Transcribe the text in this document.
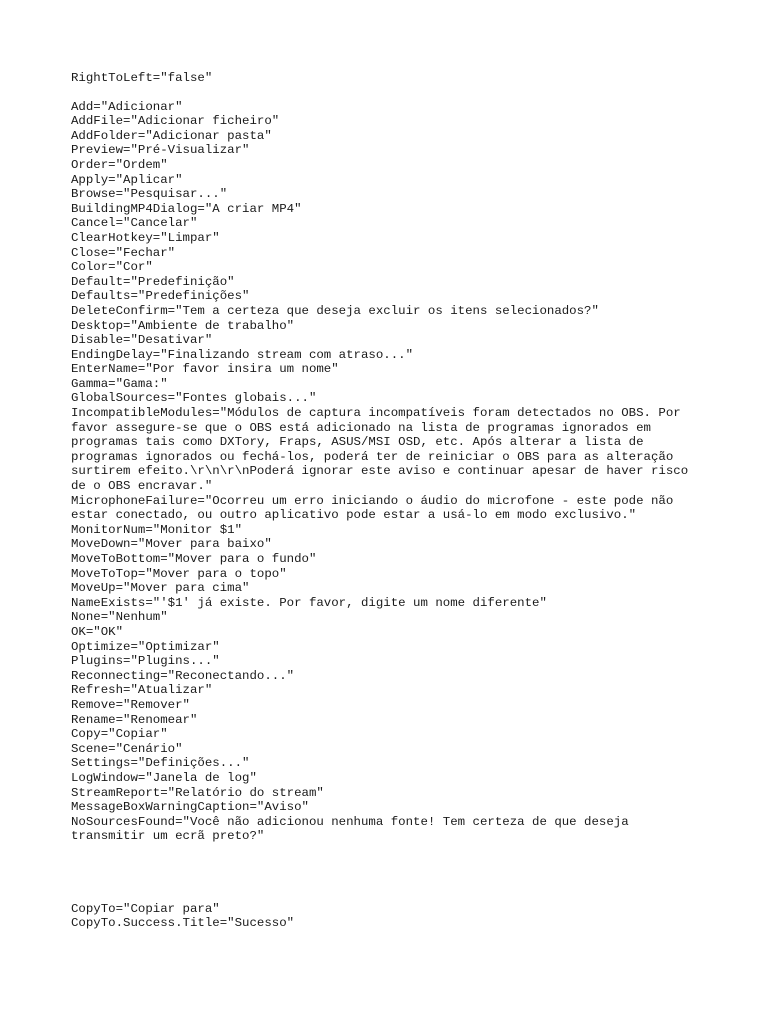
RightToLeft="false"
Add="Adicionar"
AddFile="Adicionar ficheiro"
AddFolder="Adicionar pasta"
Preview="Pré-Visualizar"
Order="Ordem"
Apply="Aplicar"
Browse="Pesquisar..."
BuildingMP4Dialog="A criar MP4"
Cancel="Cancelar"
ClearHotkey="Limpar"
Close="Fechar"
Color="Cor"
Default="Predefinição"
Defaults="Predefinições"
DeleteConfirm="Tem a certeza que deseja excluir os itens selecionados?"
Desktop="Ambiente de trabalho"
Disable="Desativar"
EndingDelay="Finalizando stream com atraso..."
EnterName="Por favor insira um nome"
Gamma="Gama:"
GlobalSources="Fontes globais..."
IncompatibleModules="Módulos de captura incompatíveis foram detectados no OBS. Por
favor assegure-se que o OBS está adicionado na lista de programas ignorados em
programas tais como DXTory, Fraps, ASUS/MSI OSD, etc. Após alterar a lista de
programas ignorados ou fechá-los, poderá ter de reiniciar o OBS para as alteração
surtirem efeito.\r\n\r\nPoderá ignorar este aviso e continuar apesar de haver risco
de o OBS encravar."
MicrophoneFailure="Ocorreu um erro iniciando o áudio do microfone - este pode não
estar conectado, ou outro aplicativo pode estar a usá-lo em modo exclusivo."
MonitorNum="Monitor $1"
MoveDown="Mover para baixo"
MoveToBottom="Mover para o fundo"
MoveToTop="Mover para o topo"
MoveUp="Mover para cima"
NameExists="'$1' já existe. Por favor, digite um nome diferente"
None="Nenhum"
OK="OK"
Optimize="Optimizar"
Plugins="Plugins..."
Reconnecting="Reconectando..."
Refresh="Atualizar"
Remove="Remover"
Rename="Renomear"
Copy="Copiar"
Scene="Cenário"
Settings="Definições..."
LogWindow="Janela de log"
StreamReport="Relatório do stream"
MessageBoxWarningCaption="Aviso"
NoSourcesFound="Você não adicionou nenhuma fonte! Tem certeza de que deseja
transmitir um ecrã preto?"
CopyTo="Copiar para"
CopyTo.Success.Title="Sucesso"
